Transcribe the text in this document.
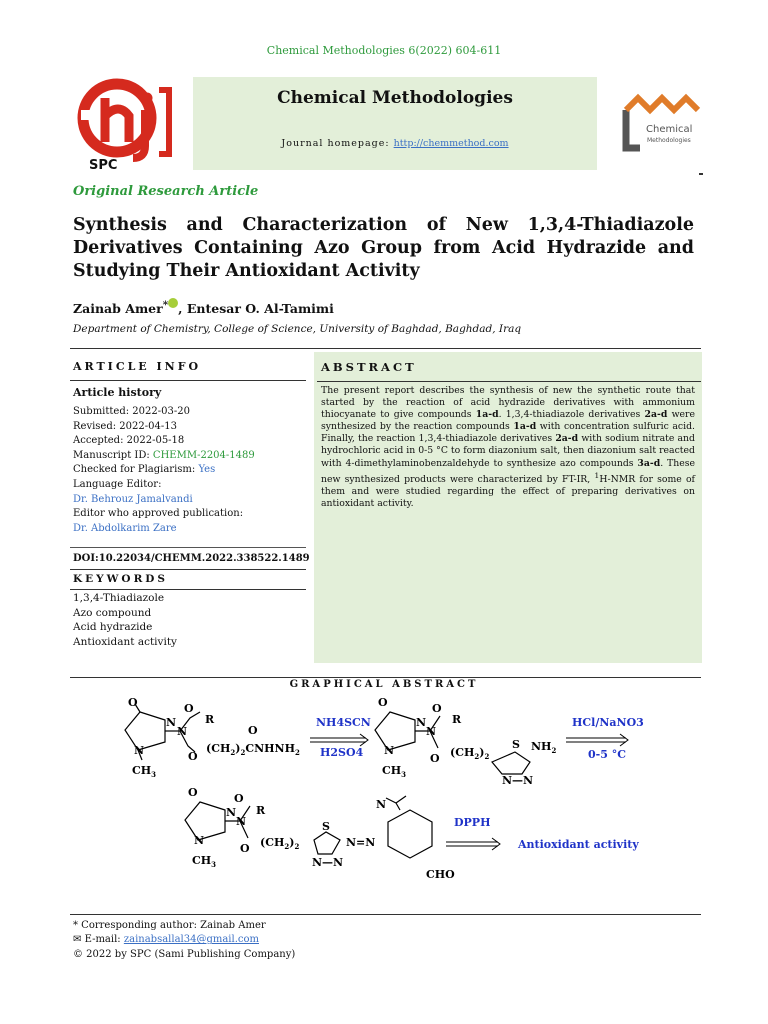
Chemical Methodologies 6(2022) 604-611
SPC
Chemical Methodologies
Journal homepage: http://chemmethod.com
Chemical
Methodologies
Original Research Article
Synthesis and Characterization of New 1,3,4-Thiadiazole Derivatives Containing Azo Group from Acid Hydrazide and Studying Their Antioxidant Activity
Zainab Amer* , Entesar O. Al-Tamimi
Department of Chemistry, College of Science, University of Baghdad, Baghdad, Iraq
ARTICLE INFO
Article history
Submitted: 2022-03-20
Revised: 2022-04-13
Accepted: 2022-05-18
Manuscript ID: CHEMM-2204-1489
Checked for Plagiarism: Yes
Language Editor:
Dr. Behrouz Jamalvandi
Editor who approved publication:
Dr. Abdolkarim Zare
DOI:10.22034/CHEMM.2022.338522.1489
KEYWORDS
1,3,4-Thiadiazole
Azo compound
Acid hydrazide
Antioxidant activity
ABSTRACT
The present report describes the synthesis of new the synthetic route that started by the reaction of acid hydrazide derivatives with ammonium thiocyanate to give compounds 1a-d. 1,3,4-thiadiazole derivatives 2a-d were synthesized by the reaction compounds 1a-d with concentration sulfuric acid. Finally, the reaction 1,3,4-thiadiazole derivatives 2a-d with sodium nitrate and hydrochloric acid in 0-5 °C to form diazonium salt, then diazonium salt reacted with 4-dimethylaminobenzaldehyde to synthesize azo compounds 3a-d. These new synthesized products were characterized by FT-IR, $^1$H-NMR for some of them and were studied regarding the effect of preparing derivatives on antioxidant activity.
GRAPHICAL ABSTRACT
O
N
N
$CH_3$
O
R
N
O
$(CH_2)_2CNHNH_2$
O
NH4SCN
H2SO4
O
N
N
$CH_3$
O
R
N
O $(CH_2)_2$
S $NH_2$
N—N
HCl/NaNO3
0-5 °C
O
N
N
$CH_3$
O
R
N
O $(CH_2)_2$
S
N=N
N—N
N
CHO
DPPH
Antioxidant activity
* Corresponding author: Zainab Amer
✉ E-mail: zainabsallal34@gmail.com
© 2022 by SPC (Sami Publishing Company)
